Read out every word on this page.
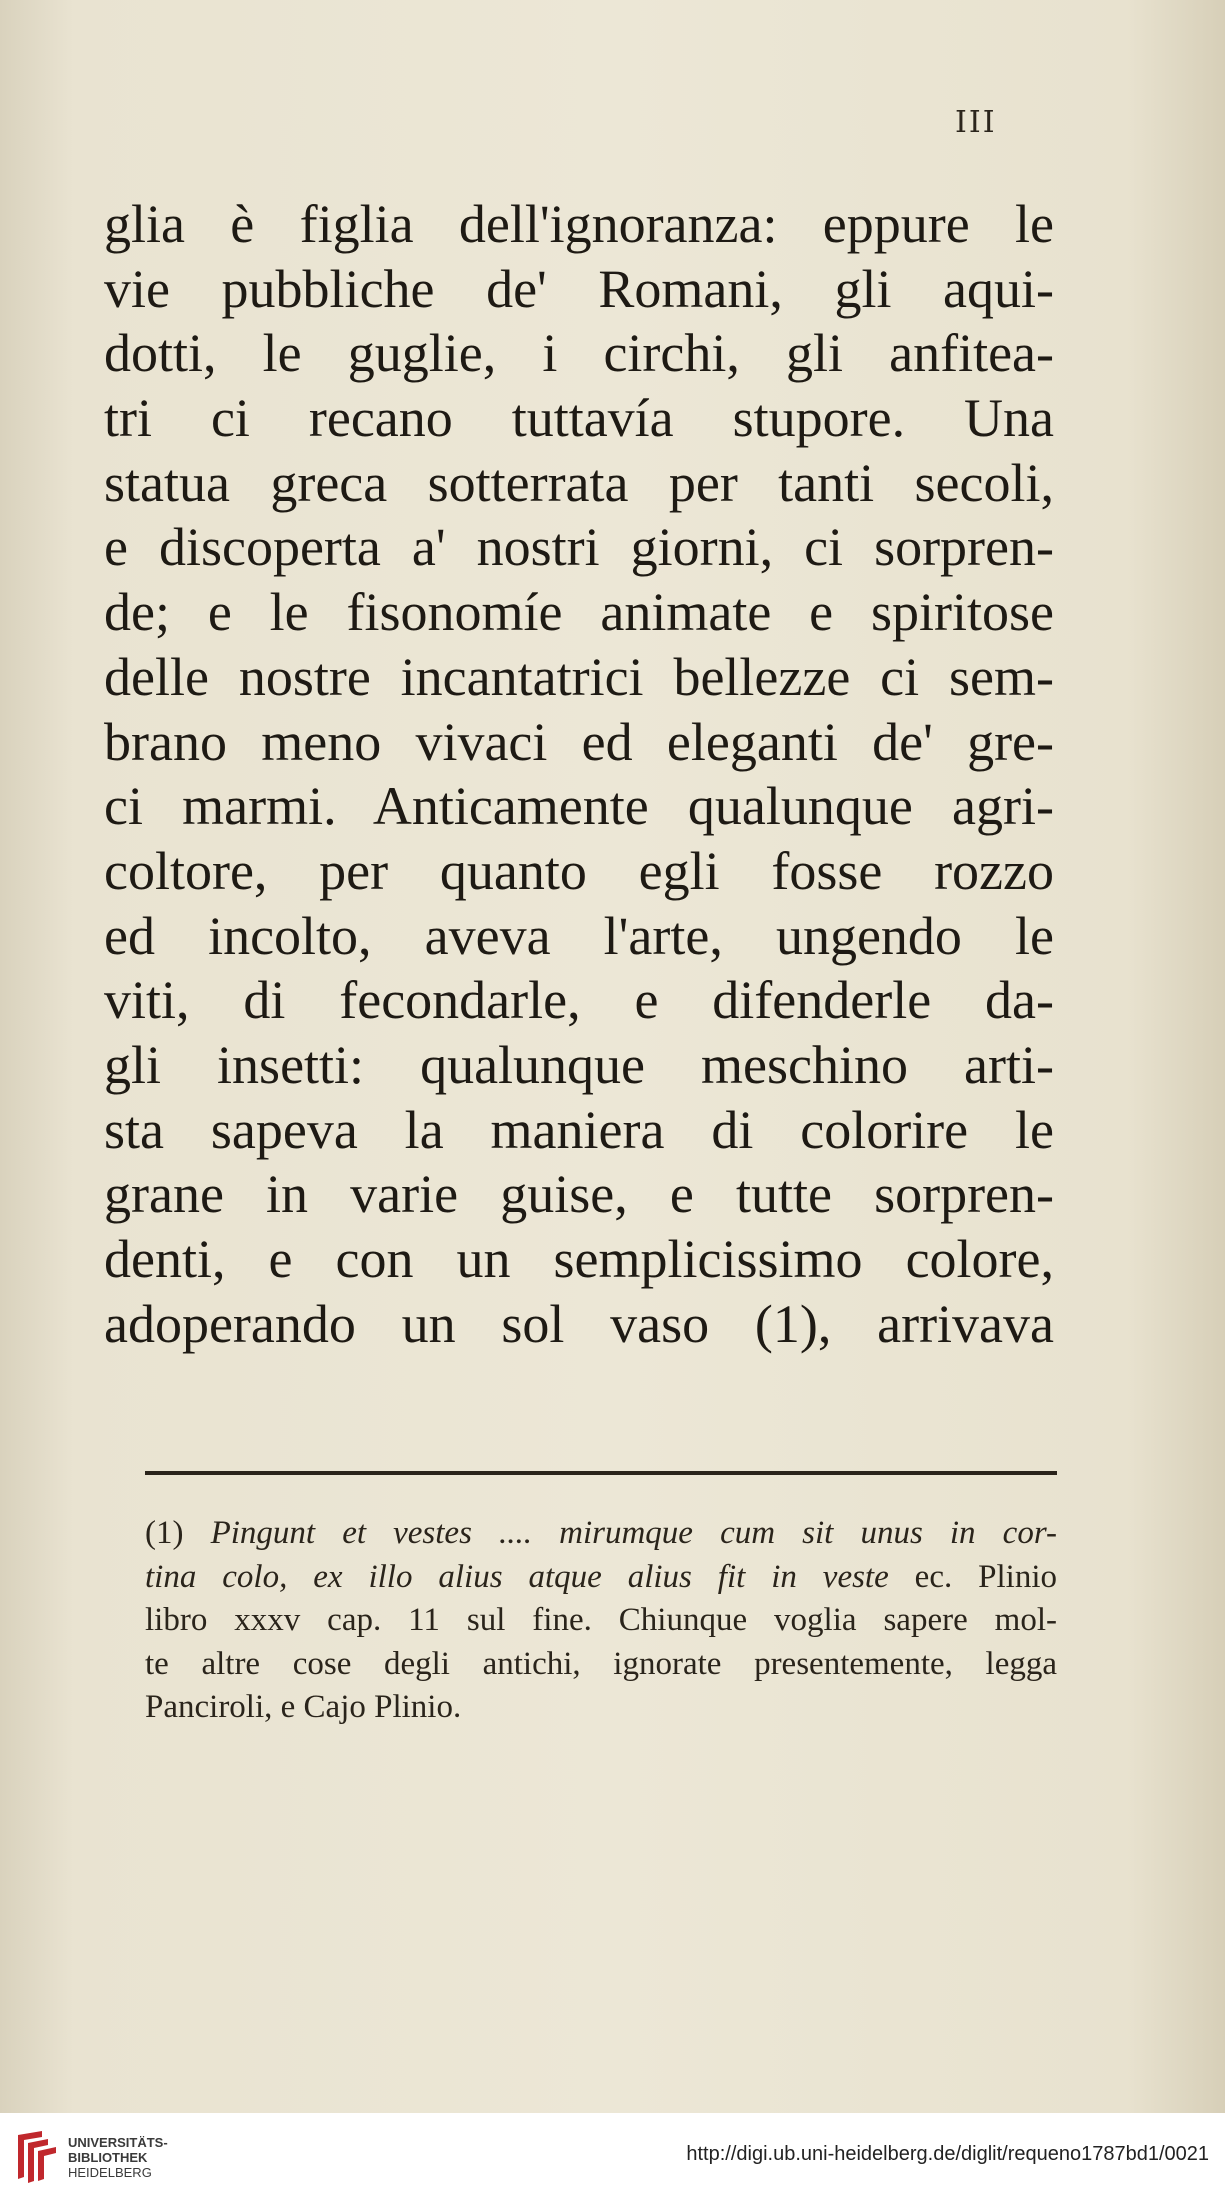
III
glia è figlia dell'ignoranza: eppure le
vie pubbliche de' Romani, gli aqui-
dotti, le guglie, i circhi, gli anfitea-
tri ci recano tuttavía stupore. Una
statua greca sotterrata per tanti secoli,
e discoperta a' nostri giorni, ci sorpren-
de; e le fisonomíe animate e spiritose
delle nostre incantatrici bellezze ci sem-
brano meno vivaci ed eleganti de' gre-
ci marmi. Anticamente qualunque agri-
coltore, per quanto egli fosse rozzo
ed incolto, aveva l'arte, ungendo le
viti, di fecondarle, e difenderle da-
gli insetti: qualunque meschino arti-
sta sapeva la maniera di colorire le
grane in varie guise, e tutte sorpren-
denti, e con un semplicissimo colore,
adoperando un sol vaso (1), arrivava
(1) Pingunt et vestes .... mirumque cum sit unus in cor-
tina colo, ex illo alius atque alius fit in veste ec. Plinio
libro xxxv cap. 11 sul fine. Chiunque voglia sapere mol-
te altre cose degli antichi, ignorate presentemente, legga
Panciroli, e Cajo Plinio.
UNIVERSITÄTS-
BIBLIOTHEK
HEIDELBERG
http://digi.ub.uni-heidelberg.de/diglit/requeno1787bd1/0021
